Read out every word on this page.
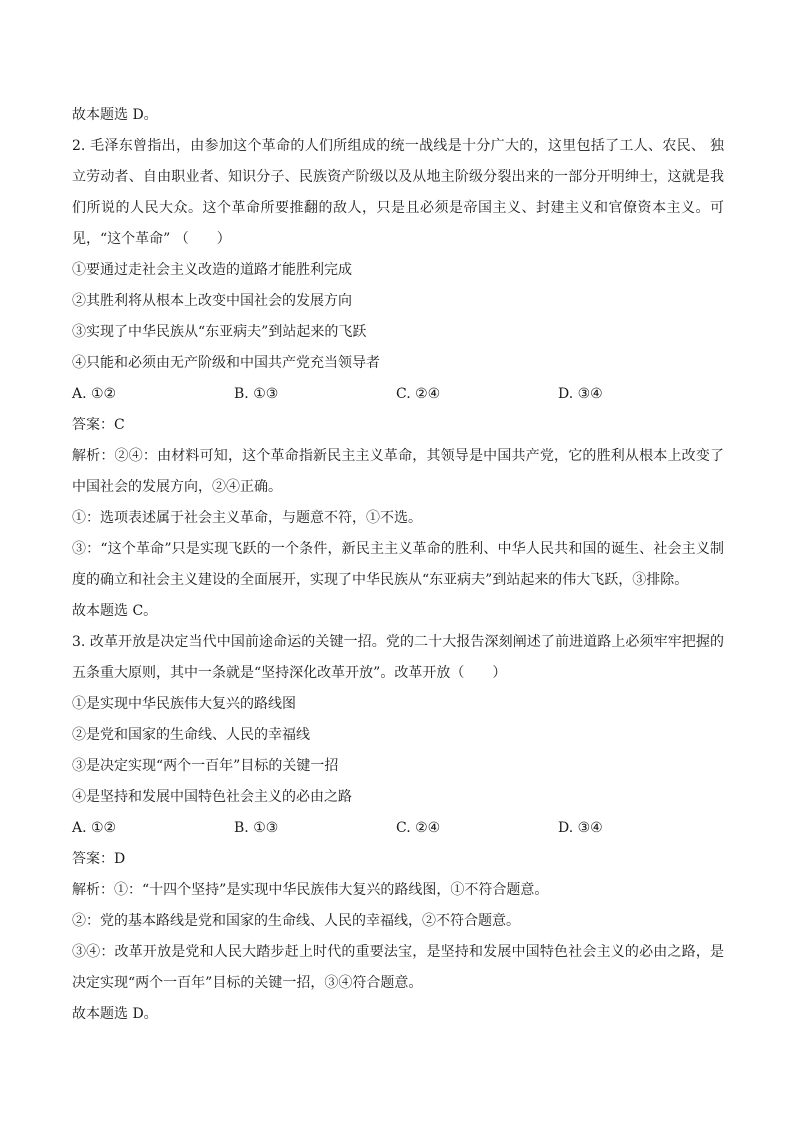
故本题选 D。
2. 毛泽东曾指出，由参加这个革命的人们所组成的统一战线是十分广大的，这里包括了工人、农民、 独立劳动者、自由职业者、知识分子、民族资产阶级以及从地主阶级分裂出来的一部分开明绅士，这就是我们所说的人民大众。这个革命所要推翻的敌人，只是且必须是帝国主义、封建主义和官僚资本主义。可见，“这个革命” （　　）
①要通过走社会主义改造的道路才能胜利完成
②其胜利将从根本上改变中国社会的发展方向
③实现了中华民族从“东亚病夫”到站起来的飞跃
④只能和必须由无产阶级和中国共产党充当领导者
A. ①②	B. ①③	C. ②④	D. ③④
答案：C
解析：②④：由材料可知，这个革命指新民主主义革命，其领导是中国共产党，它的胜利从根本上改变了中国社会的发展方向，②④正确。
①：选项表述属于社会主义革命，与题意不符，①不选。
③：“这个革命”只是实现飞跃的一个条件，新民主主义革命的胜利、中华人民共和国的诞生、社会主义制度的确立和社会主义建设的全面展开，实现了中华民族从“东亚病夫”到站起来的伟大飞跃，③排除。
故本题选 C。
3. 改革开放是决定当代中国前途命运的关键一招。党的二十大报告深刻阐述了前进道路上必须牢牢把握的五条重大原则，其中一条就是“坚持深化改革开放”。改革开放（　　）
①是实现中华民族伟大复兴的路线图
②是党和国家的生命线、人民的幸福线
③是决定实现“两个一百年”目标的关键一招
④是坚持和发展中国特色社会主义的必由之路
A. ①②	B. ①③	C. ②④	D. ③④
答案：D
解析：①：“十四个坚持”是实现中华民族伟大复兴的路线图，①不符合题意。
②：党的基本路线是党和国家的生命线、人民的幸福线，②不符合题意。
③④：改革开放是党和人民大踏步赶上时代的重要法宝，是坚持和发展中国特色社会主义的必由之路，是决定实现“两个一百年”目标的关键一招，③④符合题意。
故本题选 D。
